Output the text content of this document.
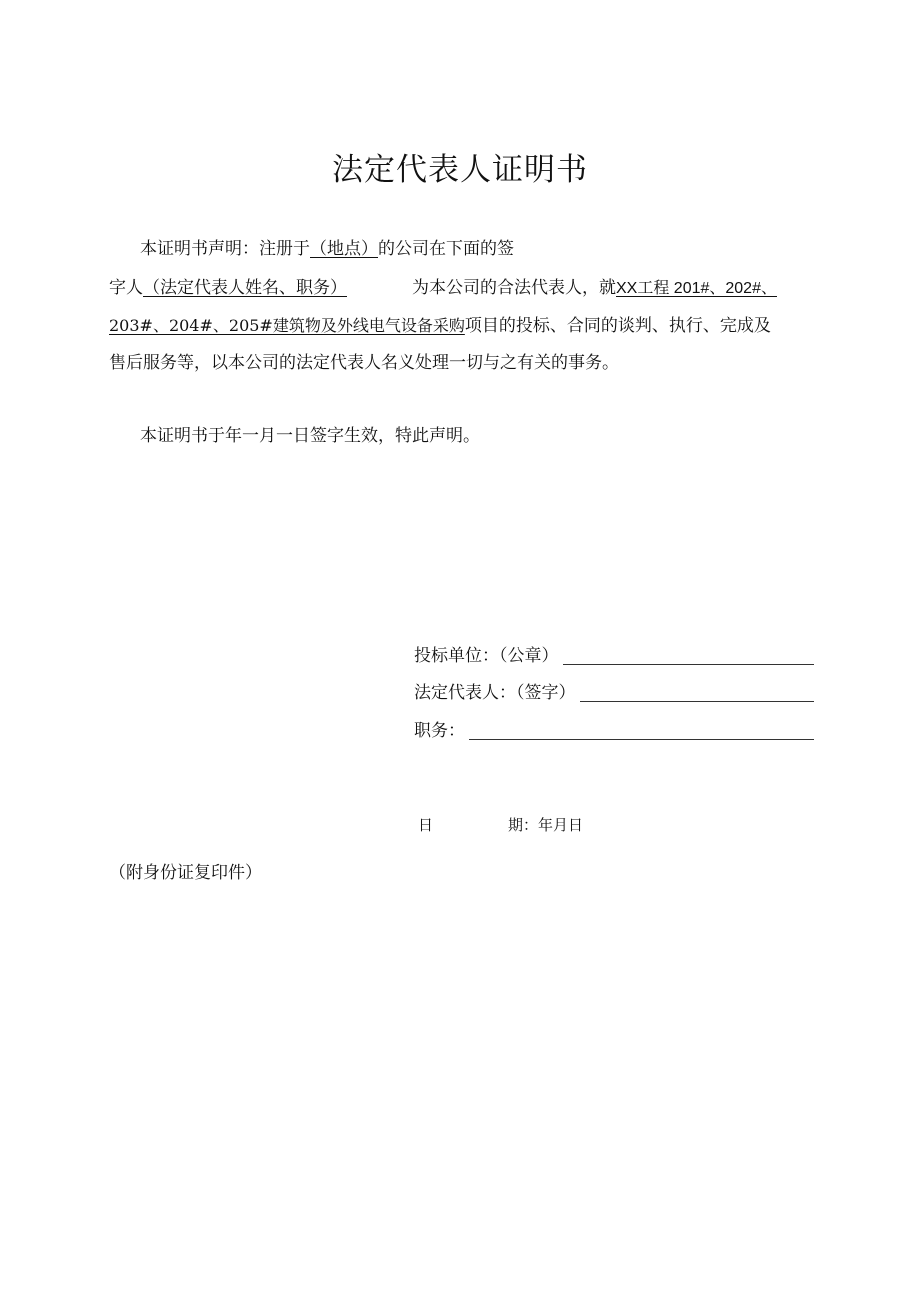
法定代表人证明书
本证明书声明：注册于（地点）的公司在下面的签
字人（法定代表人姓名、职务）	为本公司的合法代表人，就XX工程 201#、202#、
203#、204#、205#建筑物及外线电气设备采购项目的投标、合同的谈判、执行、完成及
售后服务等，以本公司的法定代表人名义处理一切与之有关的事务。
本证明书于年一月一日签字生效，特此声明。
投标单位：（公章）
法定代表人：（签字）
职务：
日	期：年月日
（附身份证复印件）
